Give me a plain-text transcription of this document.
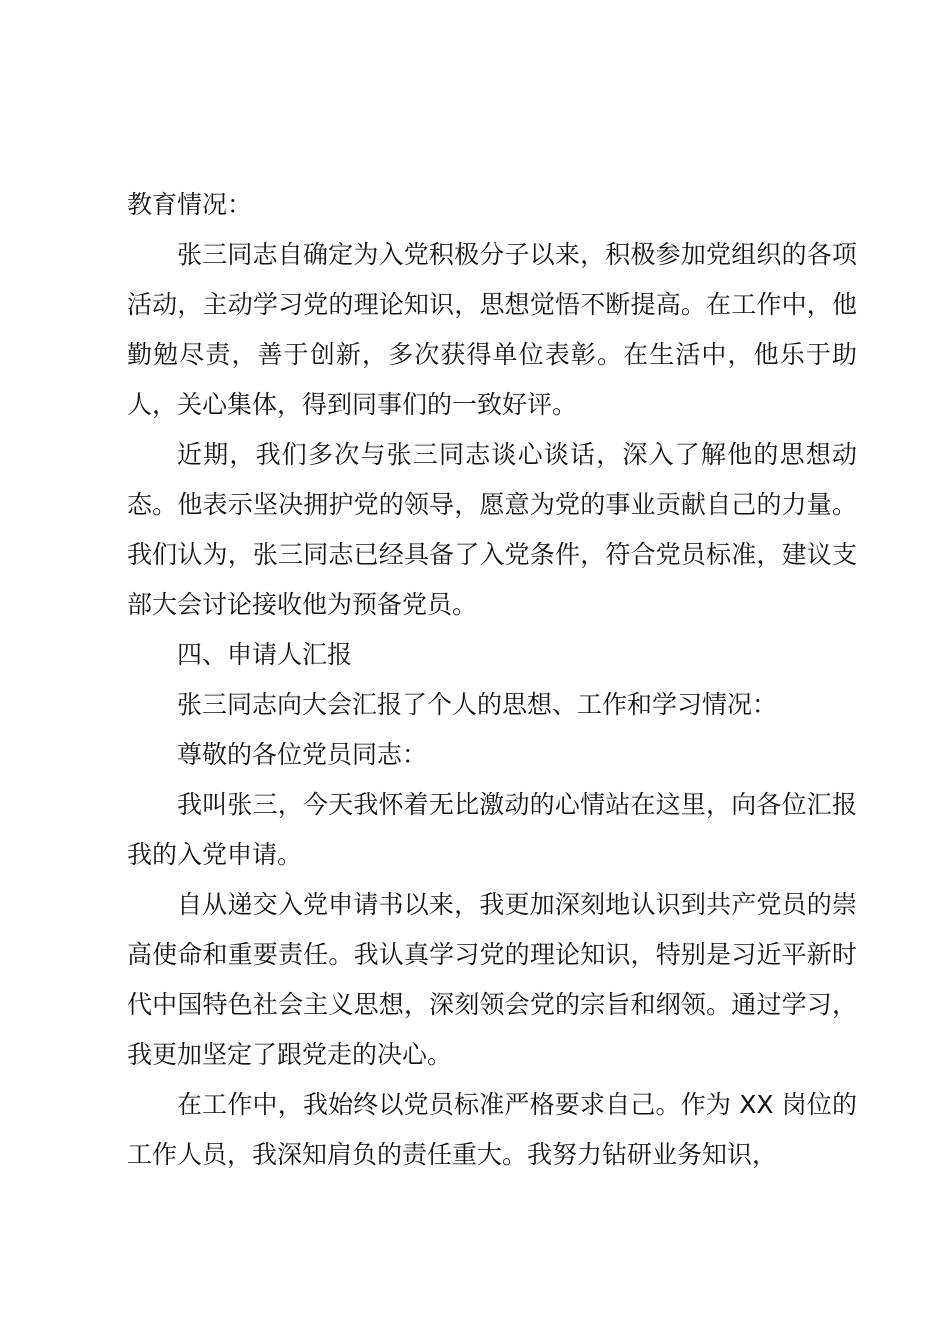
教育情况：

张三同志自确定为入党积极分子以来，积极参加党组织的各项活动，主动学习党的理论知识，思想觉悟不断提高。在工作中，他勤勉尽责，善于创新，多次获得单位表彰。在生活中，他乐于助人，关心集体，得到同事们的一致好评。

近期，我们多次与张三同志谈心谈话，深入了解他的思想动态。他表示坚决拥护党的领导，愿意为党的事业贡献自己的力量。我们认为，张三同志已经具备了入党条件，符合党员标准，建议支部大会讨论接收他为预备党员。

四、申请人汇报

张三同志向大会汇报了个人的思想、工作和学习情况：

尊敬的各位党员同志：

我叫张三，今天我怀着无比激动的心情站在这里，向各位汇报我的入党申请。

自从递交入党申请书以来，我更加深刻地认识到共产党员的崇高使命和重要责任。我认真学习党的理论知识，特别是习近平新时代中国特色社会主义思想，深刻领会党的宗旨和纲领。通过学习，我更加坚定了跟党走的决心。

在工作中，我始终以党员标准严格要求自己。作为 XX 岗位的工作人员，我深知肩负的责任重大。我努力钻研业务知识，
